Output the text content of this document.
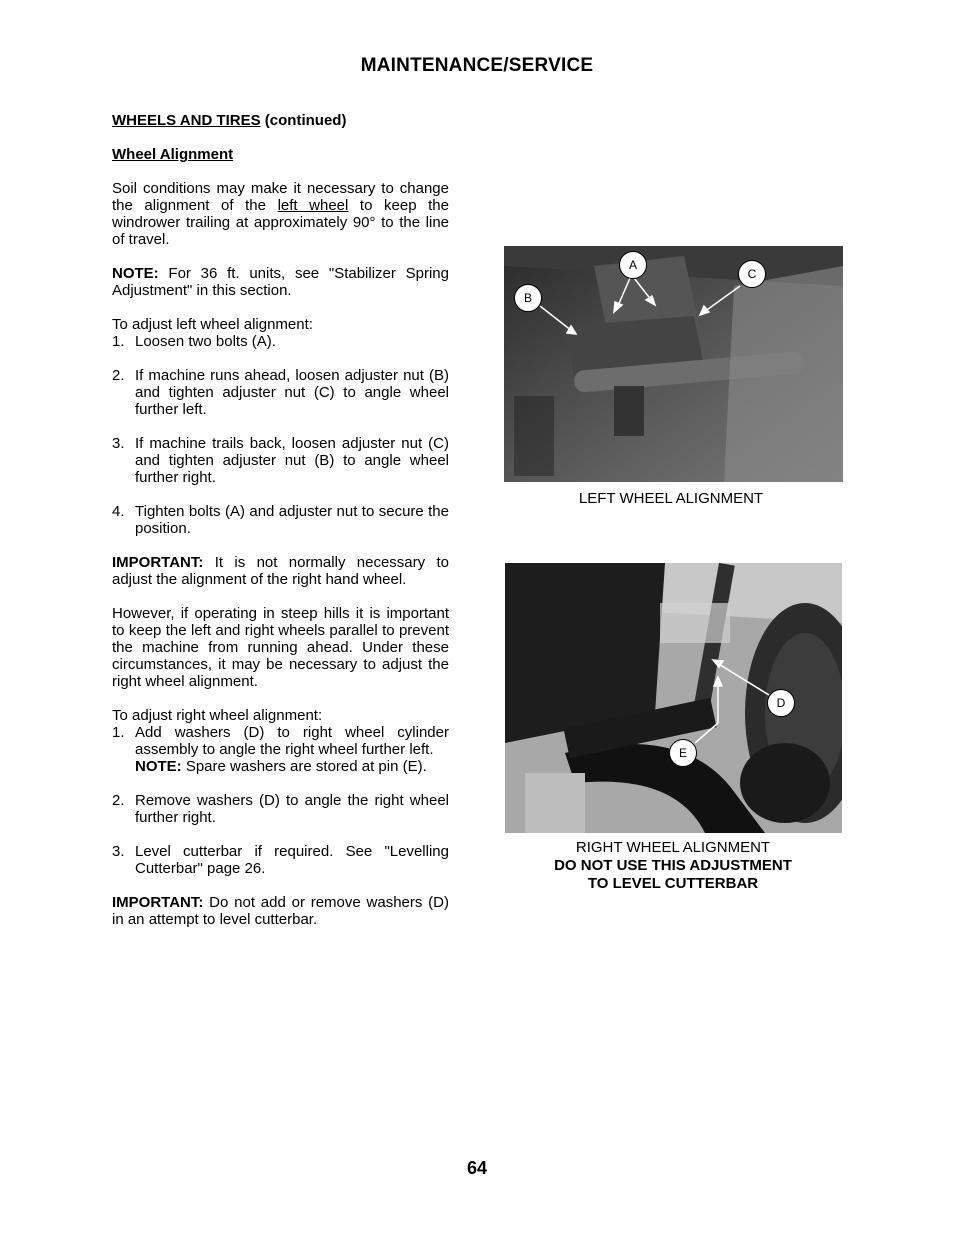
MAINTENANCE/SERVICE

WHEELS AND TIRES (continued)

Wheel Alignment

Soil conditions may make it necessary to change the alignment of the left wheel to keep the windrower trailing at approximately 90° to the line of travel.

NOTE: For 36 ft. units, see "Stabilizer Spring Adjustment" in this section.

To adjust left wheel alignment:

1. Loosen two bolts (A).
2. If machine runs ahead, loosen adjuster nut (B) and tighten adjuster nut (C) to angle wheel further left.
3. If machine trails back, loosen adjuster nut (C) and tighten adjuster nut (B) to angle wheel further right.
4. Tighten bolts (A) and adjuster nut to secure the position.

IMPORTANT: It is not normally necessary to adjust the alignment of the right hand wheel.

However, if operating in steep hills it is important to keep the left and right wheels parallel to prevent the machine from running ahead. Under these circumstances, it may be necessary to adjust the right wheel alignment.

To adjust right wheel alignment:

1. Add washers (D) to right wheel cylinder assembly to angle the right wheel further left.
NOTE: Spare washers are stored at pin (E).
2. Remove washers (D) to angle the right wheel further right.
3. Level cutterbar if required. See "Levelling Cutterbar" page 26.

IMPORTANT: Do not add or remove washers (D) in an attempt to level cutterbar.

A
B
C
LEFT WHEEL ALIGNMENT
D
E
RIGHT WHEEL ALIGNMENT
DO NOT USE THIS ADJUSTMENT
TO LEVEL CUTTERBAR
64
